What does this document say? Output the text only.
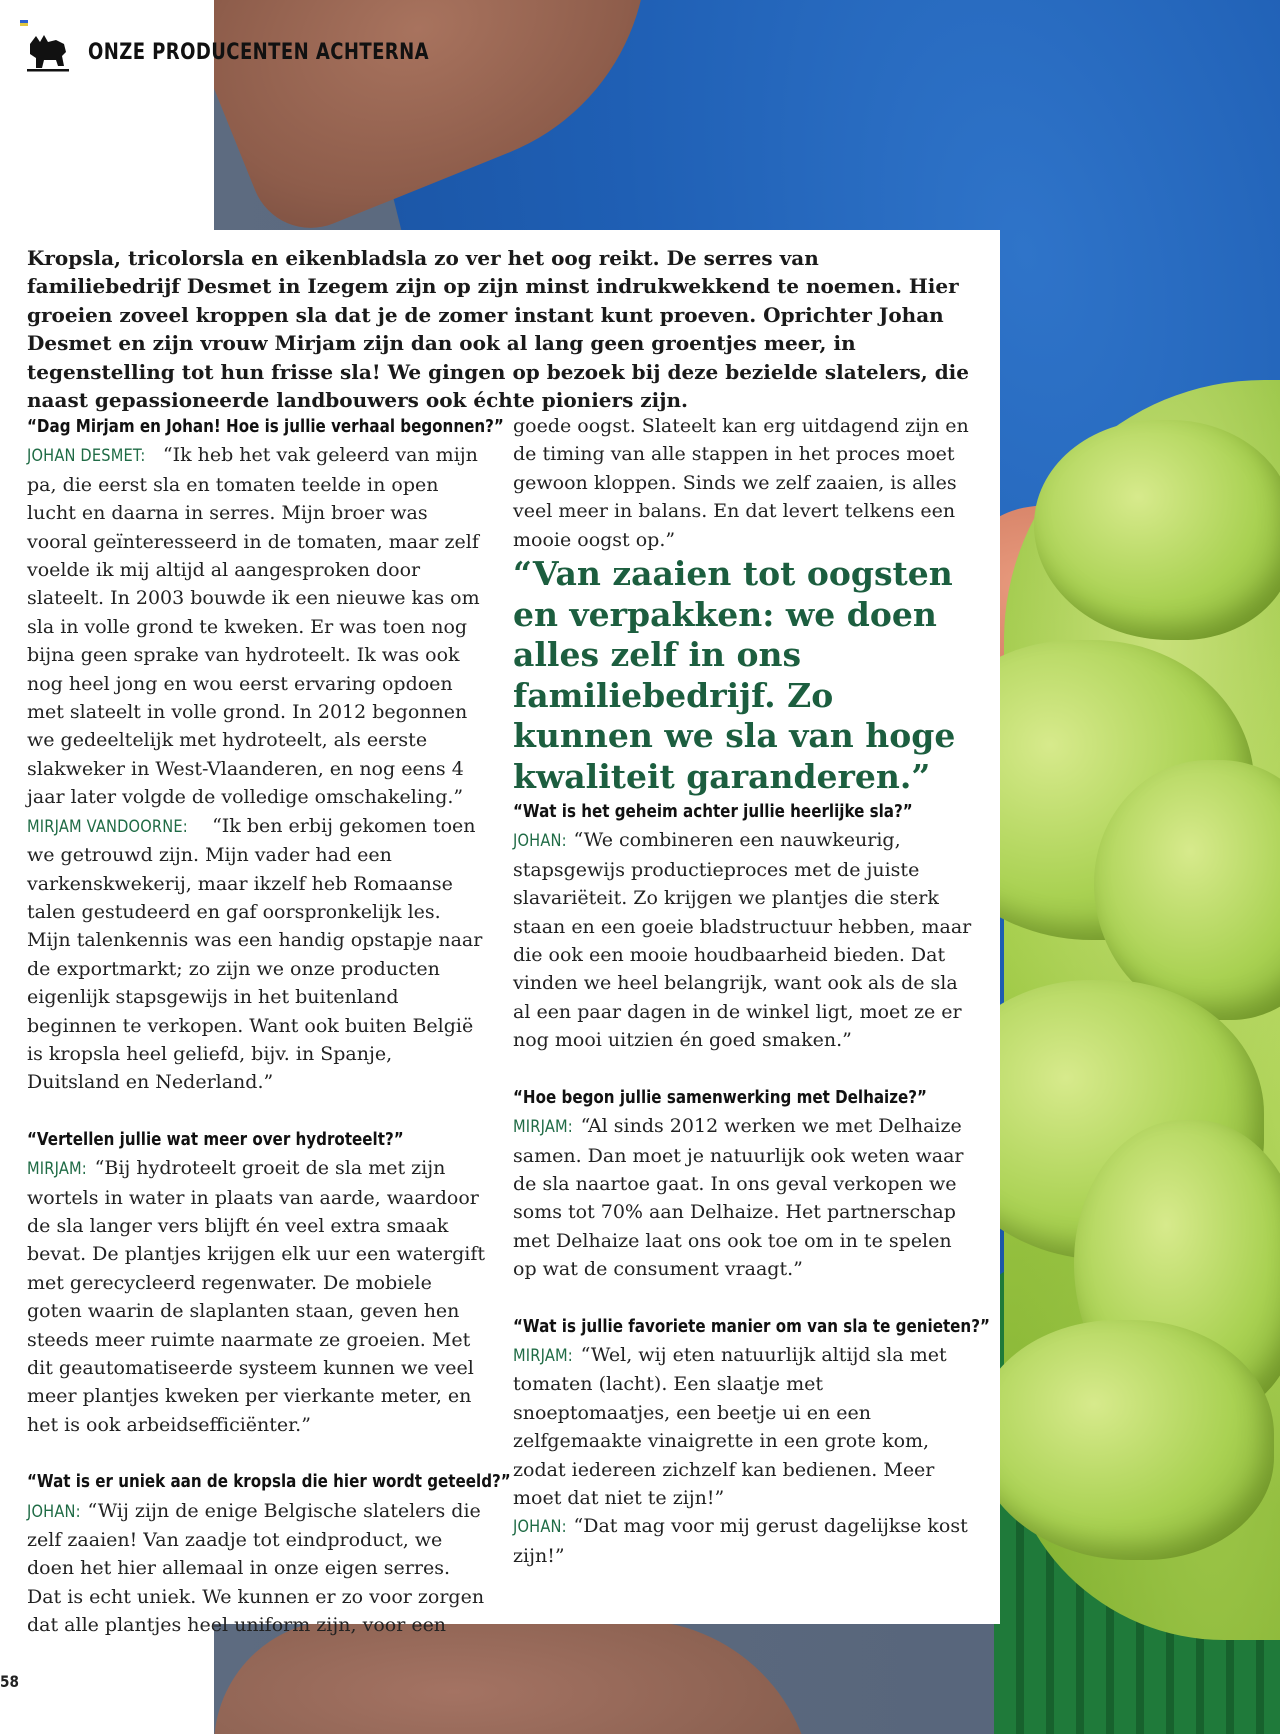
ONZE PRODUCENTEN ACHTERNA

Kropsla, tricolorsla en eikenbladsla zo ver het oog reikt. De serres van familiebedrijf Desmet in Izegem zijn op zijn minst indrukwekkend te noemen. Hier groeien zoveel kroppen sla dat je de zomer instant kunt proeven. Oprichter Johan Desmet en zijn vrouw Mirjam zijn dan ook al lang geen groentjes meer, in tegenstelling tot hun frisse sla! We gingen op bezoek bij deze bezielde slatelers, die naast gepassioneerde landbouwers ook échte pioniers zijn.

“Dag Mirjam en Johan! Hoe is jullie verhaal begonnen?”

JOHAN DESMET: “Ik heb het vak geleerd van mijn pa, die eerst sla en tomaten teelde in open lucht en daarna in serres. Mijn broer was vooral geïnteresseerd in de tomaten, maar zelf voelde ik mij altijd al aangesproken door slateelt. In 2003 bouwde ik een nieuwe kas om sla in volle grond te kweken. Er was toen nog bijna geen sprake van hydroteelt. Ik was ook nog heel jong en wou eerst ervaring opdoen met slateelt in volle grond. In 2012 begonnen we gedeeltelijk met hydroteelt, als eerste slakweker in West-Vlaanderen, en nog eens 4 jaar later volgde de volledige omschakeling.”

MIRJAM VANDOORNE: “Ik ben erbij gekomen toen we getrouwd zijn. Mijn vader had een varkenskwekerij, maar ikzelf heb Romaanse talen gestudeerd en gaf oorspronkelijk les. Mijn talenkennis was een handig opstapje naar de exportmarkt; zo zijn we onze producten eigenlijk stapsgewijs in het buitenland beginnen te verkopen. Want ook buiten België is kropsla heel geliefd, bijv. in Spanje, Duitsland en Nederland.”

“Vertellen jullie wat meer over hydroteelt?”

MIRJAM: “Bij hydroteelt groeit de sla met zijn wortels in water in plaats van aarde, waardoor de sla langer vers blijft én veel extra smaak bevat. De plantjes krijgen elk uur een watergift met gerecycleerd regenwater. De mobiele goten waarin de slaplanten staan, geven hen steeds meer ruimte naarmate ze groeien. Met dit geautomatiseerde systeem kunnen we veel meer plantjes kweken per vierkante meter, en het is ook arbeidsefficiënter.”

“Wat is er uniek aan de kropsla die hier wordt geteeld?”

JOHAN: “Wij zijn de enige Belgische slatelers die zelf zaaien! Van zaadje tot eindproduct, we doen het hier allemaal in onze eigen serres. Dat is echt uniek. We kunnen er zo voor zorgen dat alle plantjes heel uniform zijn, voor een

goede oogst. Slateelt kan erg uitdagend zijn en de timing van alle stappen in het proces moet gewoon kloppen. Sinds we zelf zaaien, is alles veel meer in balans. En dat levert telkens een mooie oogst op.”

“Van zaaien tot oogsten en verpakken: we doen alles zelf in ons familiebedrijf. Zo kunnen we sla van hoge kwaliteit garanderen.”

“Wat is het geheim achter jullie heerlijke sla?”

JOHAN: “We combineren een nauwkeurig, stapsgewijs productieproces met de juiste slavariëteit. Zo krijgen we plantjes die sterk staan en een goeie bladstructuur hebben, maar die ook een mooie houdbaarheid bieden. Dat vinden we heel belangrijk, want ook als de sla al een paar dagen in de winkel ligt, moet ze er nog mooi uitzien én goed smaken.”

“Hoe begon jullie samenwerking met Delhaize?”

MIRJAM: “Al sinds 2012 werken we met Delhaize samen. Dan moet je natuurlijk ook weten waar de sla naartoe gaat. In ons geval verkopen we soms tot 70% aan Delhaize. Het partnerschap met Delhaize laat ons ook toe om in te spelen op wat de consument vraagt.”

“Wat is jullie favoriete manier om van sla te genieten?”

MIRJAM: “Wel, wij eten natuurlijk altijd sla met tomaten (lacht). Een slaatje met snoeptomaatjes, een beetje ui en een zelfgemaakte vinaigrette in een grote kom, zodat iedereen zichzelf kan bedienen. Meer moet dat niet te zijn!”

JOHAN: “Dat mag voor mij gerust dagelijkse kost zijn!”

58
